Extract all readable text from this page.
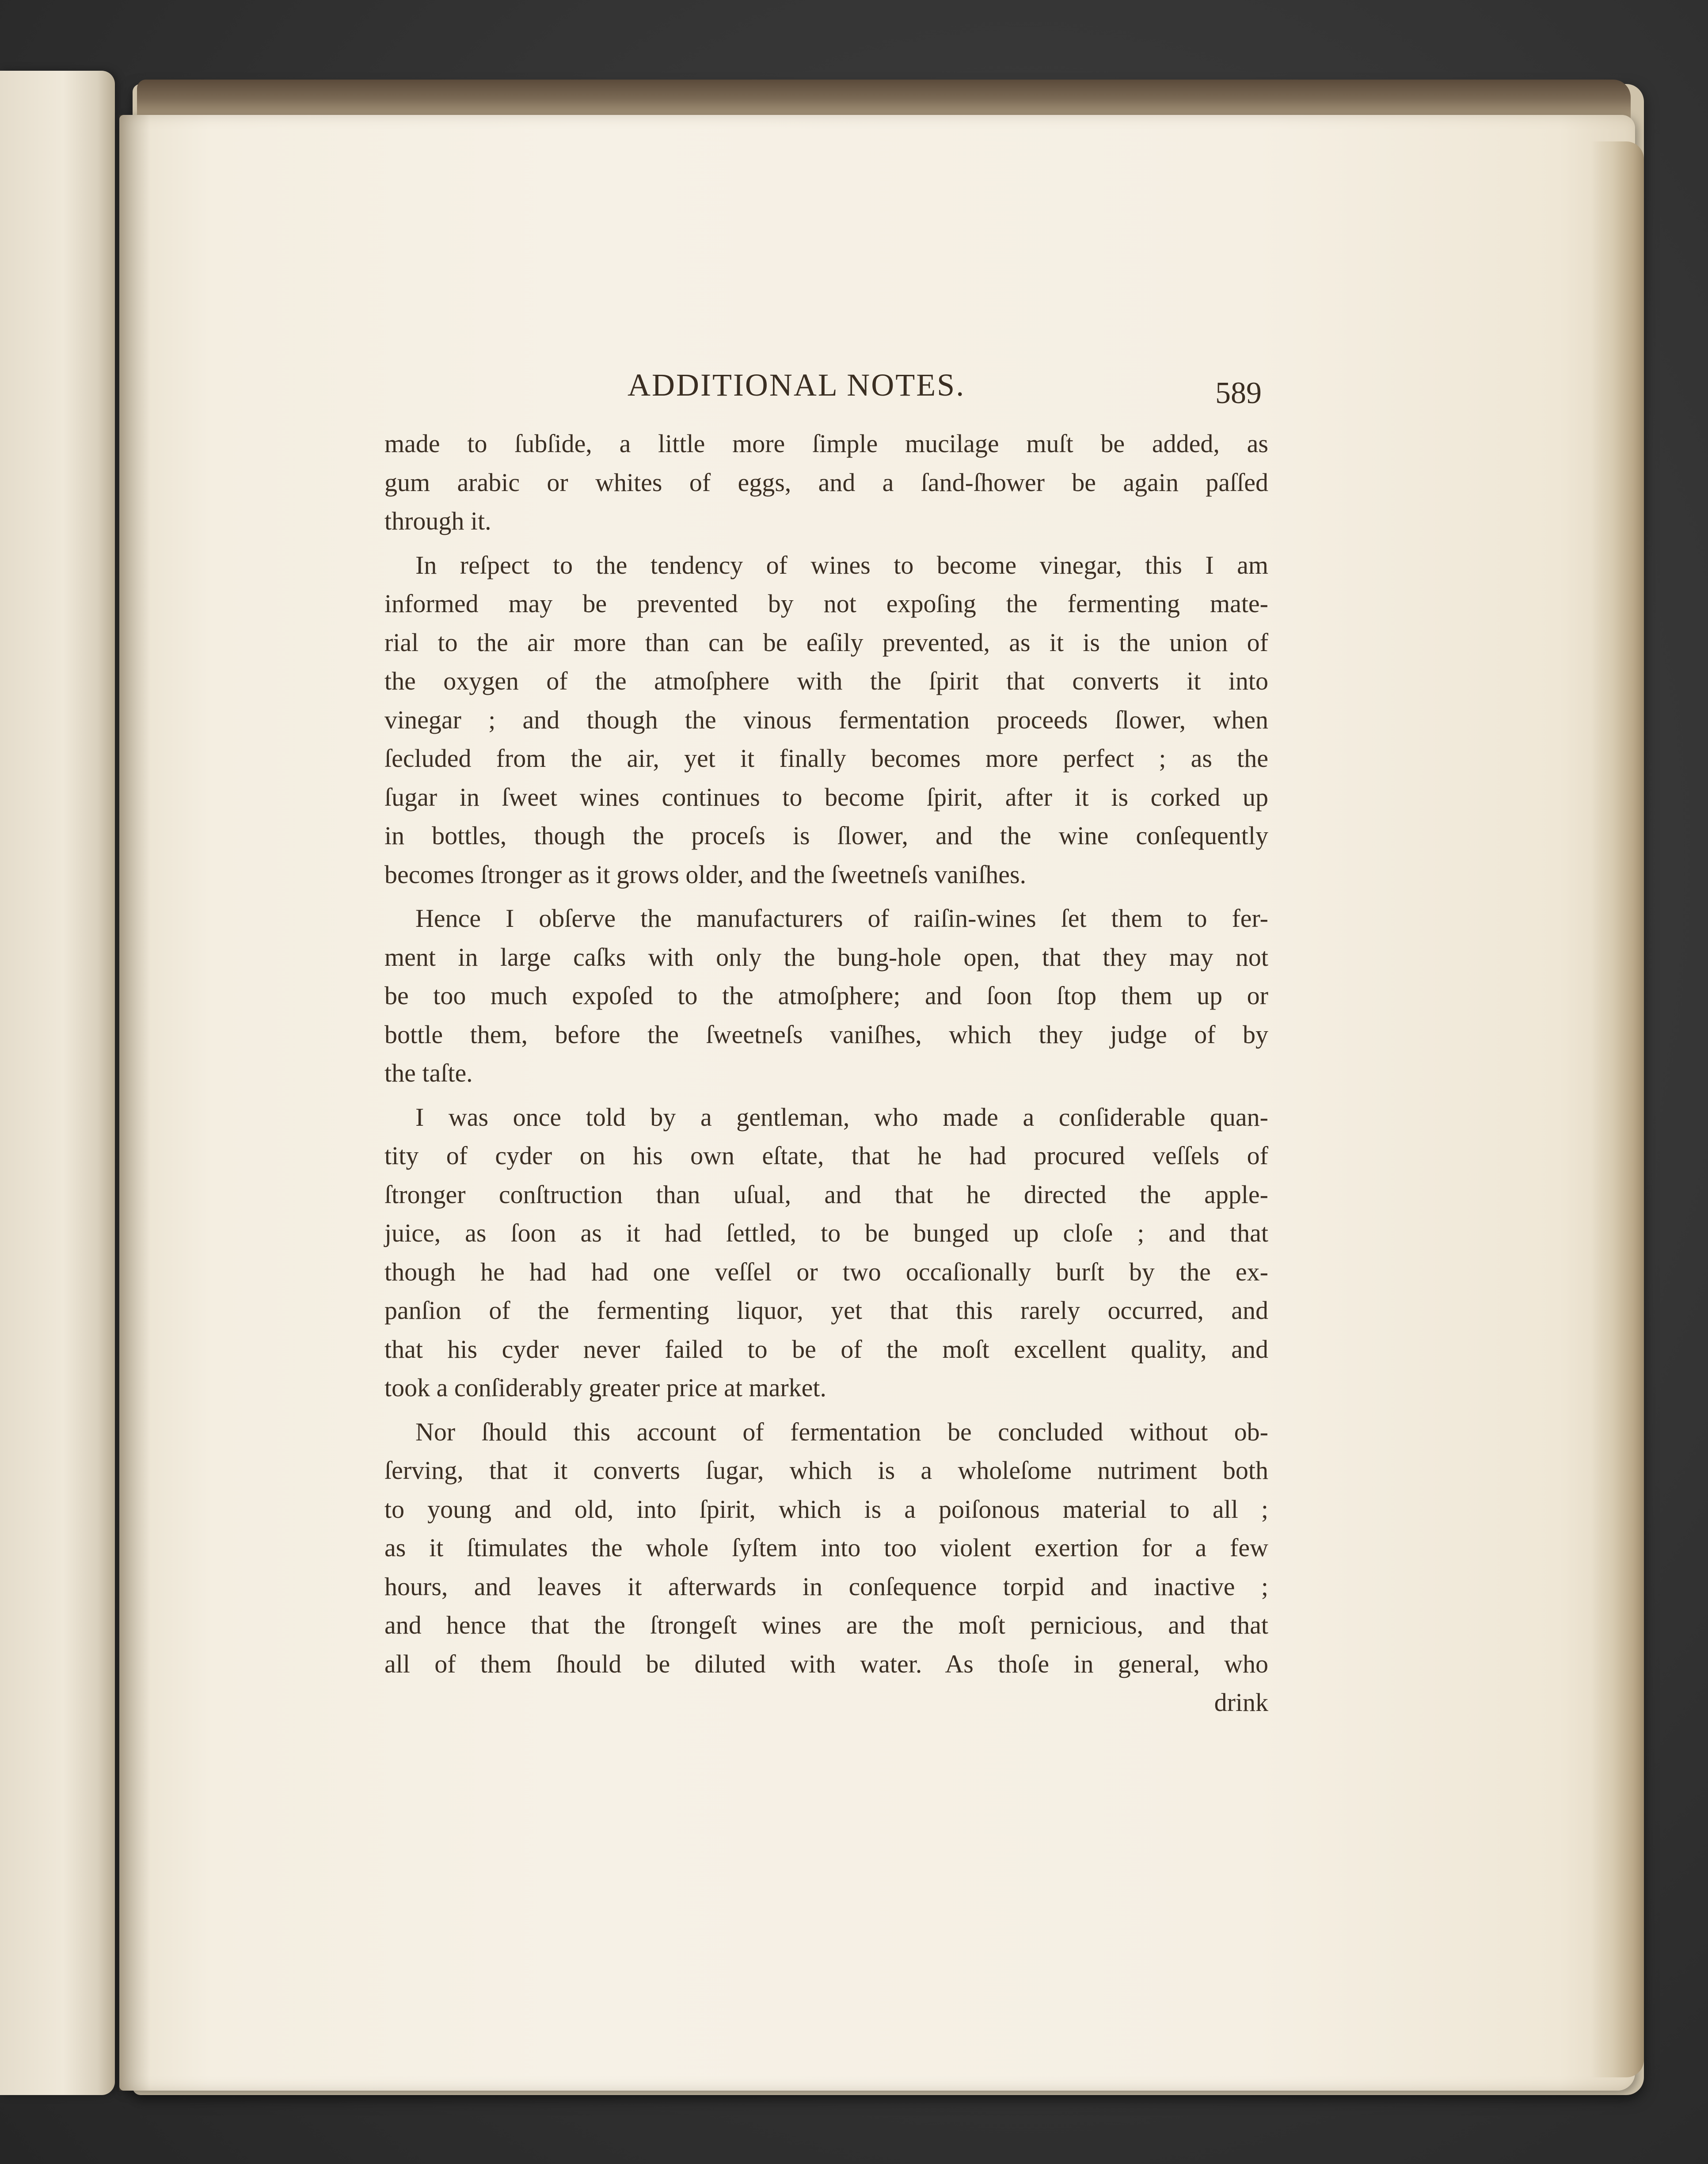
ADDITIONAL NOTES.	589
made to ſubſide, a little more ſimple mucilage muſt be added, as
gum arabic or whites of eggs, and a ſand-ſhower be again paſſed
through it.
In reſpect to the tendency of wines to become vinegar, this I am
informed may be prevented by not expoſing the fermenting mate-
rial to the air more than can be eaſily prevented, as it is the union of
the oxygen of the atmoſphere with the ſpirit that converts it into
vinegar ; and though the vinous fermentation proceeds ſlower, when
ſecluded from the air, yet it finally becomes more perfect ; as the
ſugar in ſweet wines continues to become ſpirit, after it is corked up
in bottles, though the proceſs is ſlower, and the wine conſequently
becomes ſtronger as it grows older, and the ſweetneſs vaniſhes.
Hence I obſerve the manufacturers of raiſin-wines ſet them to fer-
ment in large caſks with only the bung-hole open, that they may not
be too much expoſed to the atmoſphere; and ſoon ſtop them up or
bottle them, before the ſweetneſs vaniſhes, which they judge of by
the taſte.
I was once told by a gentleman, who made a conſiderable quan-
tity of cyder on his own eſtate, that he had procured veſſels of
ſtronger conſtruction than uſual, and that he directed the apple-
juice, as ſoon as it had ſettled, to be bunged up cloſe ; and that
though he had had one veſſel or two occaſionally burſt by the ex-
panſion of the fermenting liquor, yet that this rarely occurred, and
that his cyder never failed to be of the moſt excellent quality, and
took a conſiderably greater price at market.
Nor ſhould this account of fermentation be concluded without ob-
ſerving, that it converts ſugar, which is a wholeſome nutriment both
to young and old, into ſpirit, which is a poiſonous material to all ;
as it ſtimulates the whole ſyſtem into too violent exertion for a few
hours, and leaves it afterwards in conſequence torpid and inactive ;
and hence that the ſtrongeſt wines are the moſt pernicious, and that
all of them ſhould be diluted with water. As thoſe in general, who
drink
